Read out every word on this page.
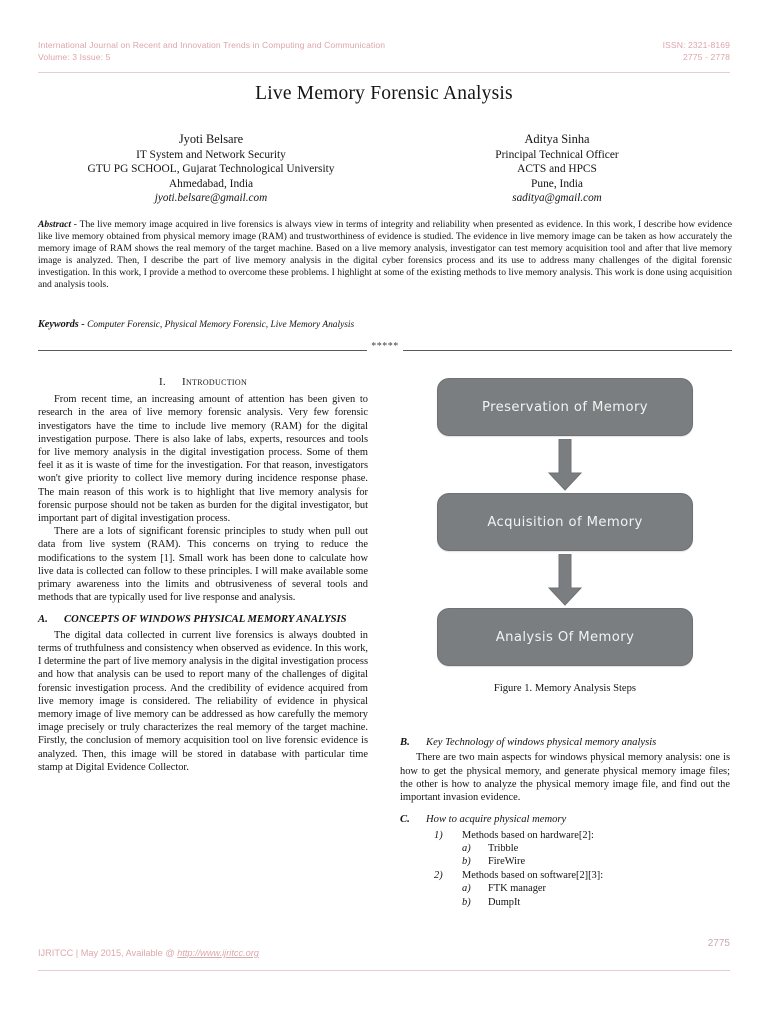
International Journal on Recent and Innovation Trends in Computing and Communication
Volume: 3 Issue: 5
ISSN: 2321-8169
2775 - 2778
Live Memory Forensic Analysis
Jyoti Belsare
IT System and Network Security
GTU PG SCHOOL, Gujarat Technological University
Ahmedabad, India
jyoti.belsare@gmail.com
Aditya Sinha
Principal Technical Officer
ACTS and HPCS
Pune, India
saditya@gmail.com
Abstract - The live memory image acquired in live forensics is always view in terms of integrity and reliability when presented as evidence. In this work, I describe how evidence like live memory obtained from physical memory image (RAM) and trustworthiness of evidence is studied. The evidence in live memory image can be taken as how accurately the memory image of RAM shows the real memory of the target machine. Based on a live memory analysis, investigator can test memory acquisition tool and after that live memory image is analyzed. Then, I describe the part of live memory analysis in the digital cyber forensics process and its use to address many challenges of the digital forensic investigation. In this work, I provide a method to overcome these problems. I highlight at some of the existing methods to live memory analysis. This work is done using acquisition and analysis tools.
Keywords - Computer Forensic, Physical Memory Forensic, Live Memory Analysis
*****
I. Introduction

From recent time, an increasing amount of attention has been given to research in the area of live memory forensic analysis. Very few forensic investigators have the time to include live memory (RAM) for the digital investigation purpose. There is also lake of labs, experts, resources and tools for live memory analysis in the digital investigation process. Some of them feel it as it is waste of time for the investigation. For that reason, investigators won't give priority to collect live memory during incidence response phase. The main reason of this work is to highlight that live memory analysis for forensic purpose should not be taken as burden for the digital investigator, but important part of digital investigation process.

There are a lots of significant forensic principles to study when pull out data from live system (RAM). This concerns on trying to reduce the modifications to the system [1]. Small work has been done to calculate how live data is collected can follow to these principles. I will make available some primary awareness into the limits and obtrusiveness of several tools and methods that are typically used for live response and analysis.

A. CONCEPTS OF WINDOWS PHYSICAL MEMORY ANALYSIS

The digital data collected in current live forensics is always doubted in terms of truthfulness and consistency when observed as evidence. In this work, I determine the part of live memory analysis in the digital investigation process and how that analysis can be used to report many of the challenges of digital forensic investigation process. And the credibility of evidence acquired from live memory image is considered. The reliability of evidence in physical memory image of live memory can be addressed as how carefully the memory image precisely or truly characterizes the real memory of the target machine. Firstly, the conclusion of memory acquisition tool on live forensic evidence is analyzed. Then, this image will be stored in database with particular time stamp at Digital Evidence Collector.

Preservation of Memory
Acquisition of Memory
Analysis Of Memory
Figure 1. Memory Analysis Steps
B. Key Technology of windows physical memory analysis

There are two main aspects for windows physical memory analysis: one is how to get the physical memory, and generate physical memory image files; the other is how to analyze the physical memory image file, and find out the important invasion evidence.

C. How to acquire physical memory
1) Methods based on hardware[2]:
a) Tribble
b) FireWire
2) Methods based on software[2][3]:
a) FTK manager
b) DumpIt
2775
IJRITCC | May 2015, Available @ http://www.ijritcc.org
